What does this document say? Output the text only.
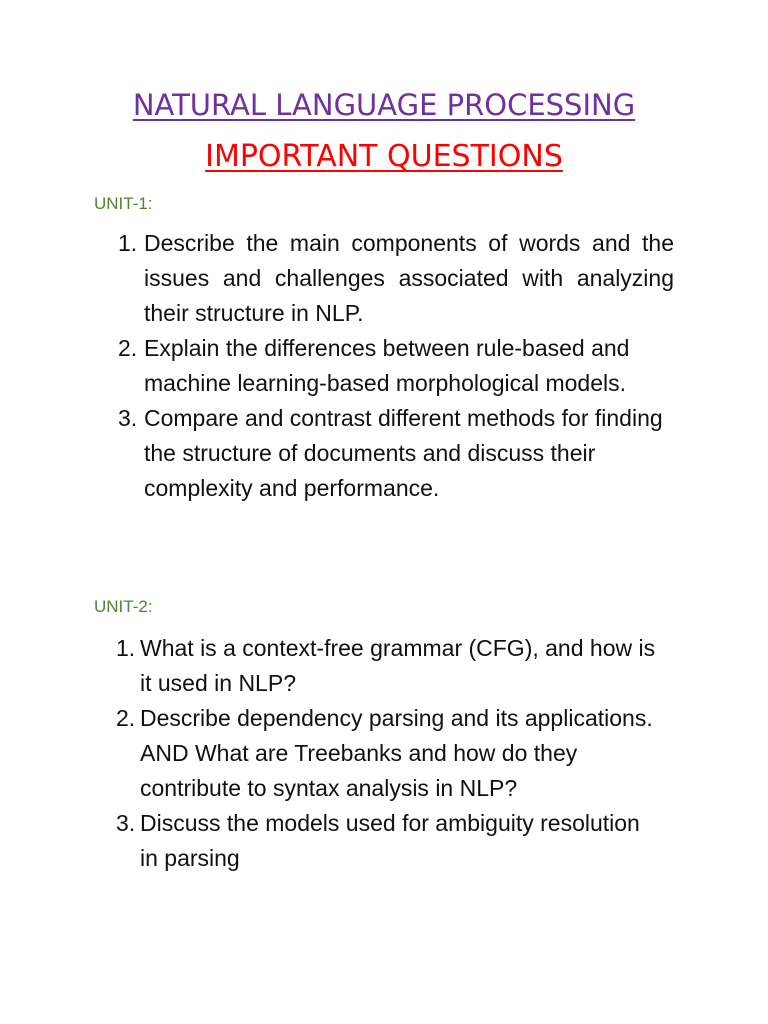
NATURAL LANGUAGE PROCESSING
IMPORTANT QUESTIONS

UNIT-1:

1. Describe the main components of words and the issues and challenges associated with analyzing their structure in NLP.
2. Explain the differences between rule-based and machine learning-based morphological models.
3. Compare and contrast different methods for finding the structure of documents and discuss their complexity and performance.

UNIT-2:

1. What is a context-free grammar (CFG), and how is it used in NLP?
2. Describe dependency parsing and its applications. AND What are Treebanks and how do they contribute to syntax analysis in NLP?
3. Discuss the models used for ambiguity resolution in parsing
